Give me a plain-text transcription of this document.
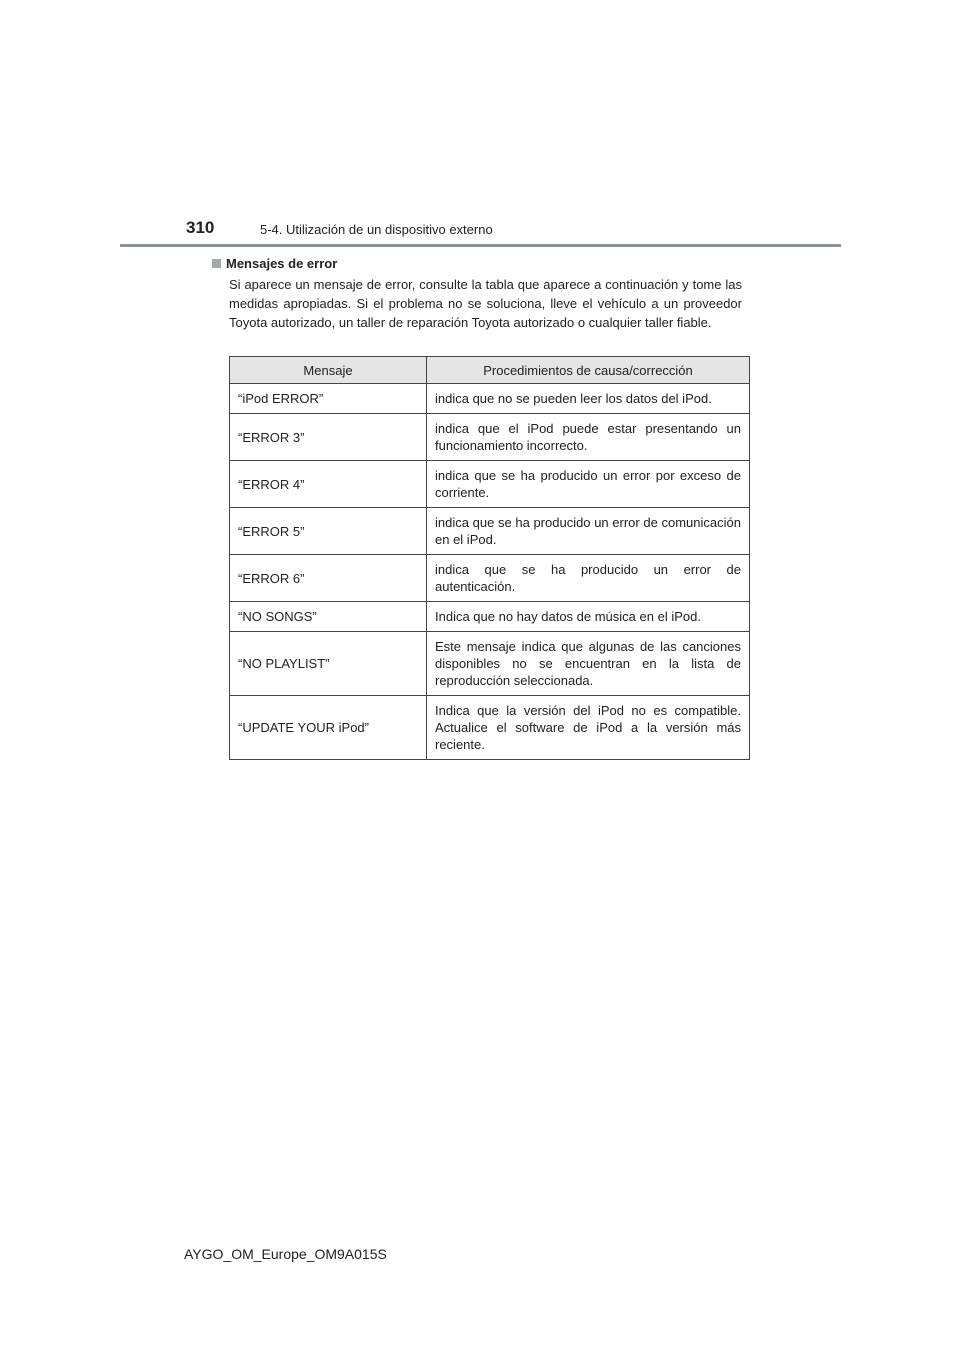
310	5-4. Utilización de un dispositivo externo
Mensajes de error
Si aparece un mensaje de error, consulte la tabla que aparece a continuación y tome las medidas apropiadas. Si el problema no se soluciona, lleve el vehículo a un proveedor Toyota autorizado, un taller de reparación Toyota autorizado o cualquier taller fiable.
Mensaje	Procedimientos de causa/corrección
“iPod ERROR”	indica que no se pueden leer los datos del iPod.
“ERROR 3”	indica que el iPod puede estar presentando un funcionamiento incorrecto.
“ERROR 4”	indica que se ha producido un error por exceso de corriente.
“ERROR 5”	indica que se ha producido un error de comunicación en el iPod.
“ERROR 6”	indica que se ha producido un error de autenticación.
“NO SONGS”	Indica que no hay datos de música en el iPod.
“NO PLAYLIST”	Este mensaje indica que algunas de las canciones disponibles no se encuentran en la lista de reproducción seleccionada.
“UPDATE YOUR iPod”	Indica que la versión del iPod no es compatible. Actualice el software de iPod a la versión más reciente.
AYGO_OM_Europe_OM9A015S
